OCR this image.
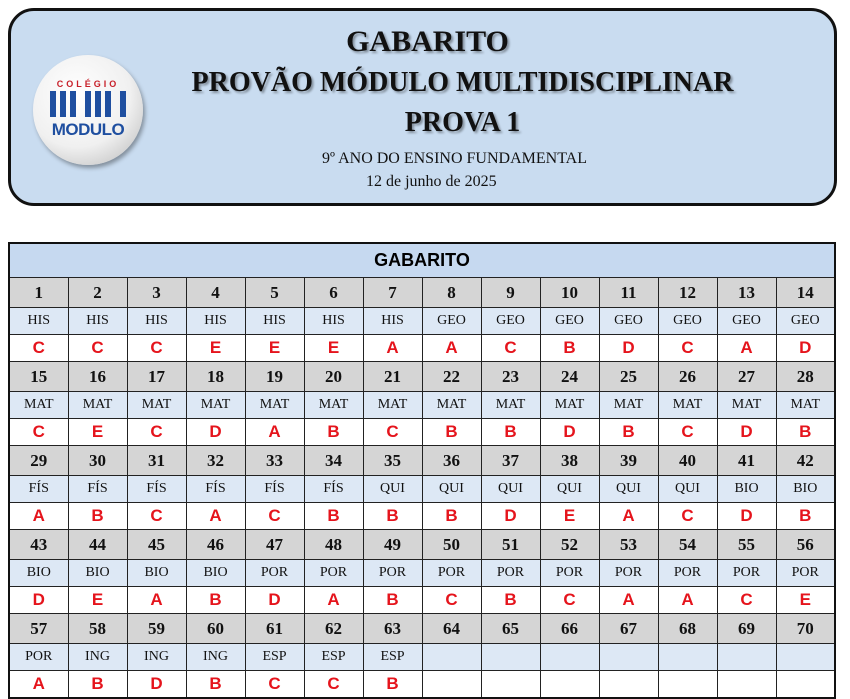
COLÉGIO
MODULO
GABARITO
PROVÃO MÓDULO MULTIDISCIPLINAR
PROVA 1
9º ANO DO ENSINO FUNDAMENTAL
12 de junho de 2025
GABARITO													
1	2	3	4	5	6	7	8	9	10	11	12	13	14
HIS	HIS	HIS	HIS	HIS	HIS	HIS	GEO	GEO	GEO	GEO	GEO	GEO	GEO
C	C	C	E	E	E	A	A	C	B	D	C	A	D
15	16	17	18	19	20	21	22	23	24	25	26	27	28
MAT	MAT	MAT	MAT	MAT	MAT	MAT	MAT	MAT	MAT	MAT	MAT	MAT	MAT
C	E	C	D	A	B	C	B	B	D	B	C	D	B
29	30	31	32	33	34	35	36	37	38	39	40	41	42
FÍS	FÍS	FÍS	FÍS	FÍS	FÍS	QUI	QUI	QUI	QUI	QUI	QUI	BIO	BIO
A	B	C	A	C	B	B	B	D	E	A	C	D	B
43	44	45	46	47	48	49	50	51	52	53	54	55	56
BIO	BIO	BIO	BIO	POR	POR	POR	POR	POR	POR	POR	POR	POR	POR
D	E	A	B	D	A	B	C	B	C	A	A	C	E
57	58	59	60	61	62	63	64	65	66	67	68	69	70
POR	ING	ING	ING	ESP	ESP	ESP							
A	B	D	B	C	C	B							
